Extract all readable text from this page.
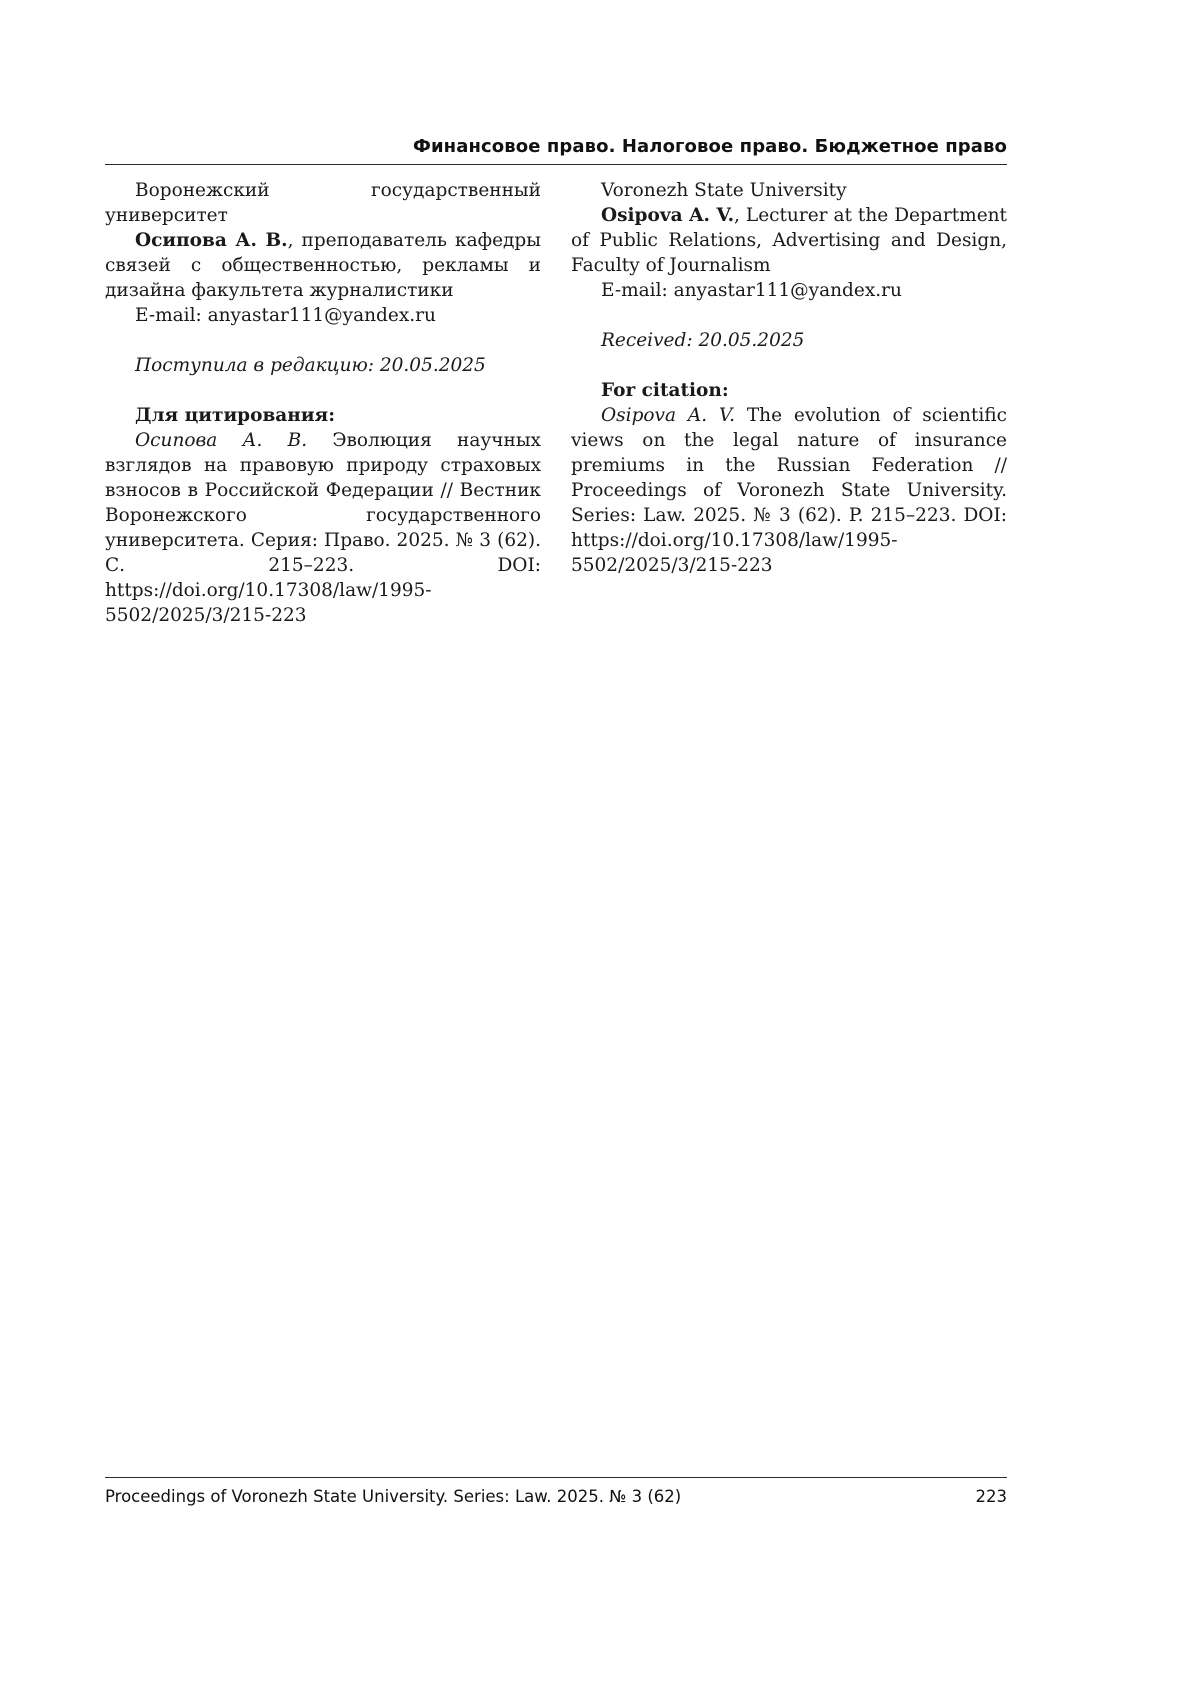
Финансовое право. Налоговое право. Бюджетное право

Воронежский государственный университет

Осипова А. В., преподаватель кафедры связей с общественностью, рекламы и дизайна факультета журналистики

E-mail: anyastar111@yandex.ru

Поступила в редакцию: 20.05.2025

Для цитирования:

Осипова А. В. Эволюция научных взглядов на правовую природу страховых взносов в Российской Федерации // Вестник Воронежского государственного университета. Серия: Право. 2025. № 3 (62). С. 215–223. DOI: https://doi.org/10.17308/law/1995-5502/2025/3/215-223

Voronezh State University

Osipova A. V., Lecturer at the Department of Public Relations, Advertising and Design, Faculty of Journalism

E-mail: anyastar111@yandex.ru

Received: 20.05.2025

For citation:

Osipova A. V. The evolution of scientific views on the legal nature of insurance premiums in the Russian Federation // Proceedings of Voronezh State University. Series: Law. 2025. № 3 (62). P. 215–223. DOI: https://doi.org/10.17308/law/1995-5502/2025/3/215-223

Proceedings of Voronezh State University. Series: Law. 2025. № 3 (62)	223
